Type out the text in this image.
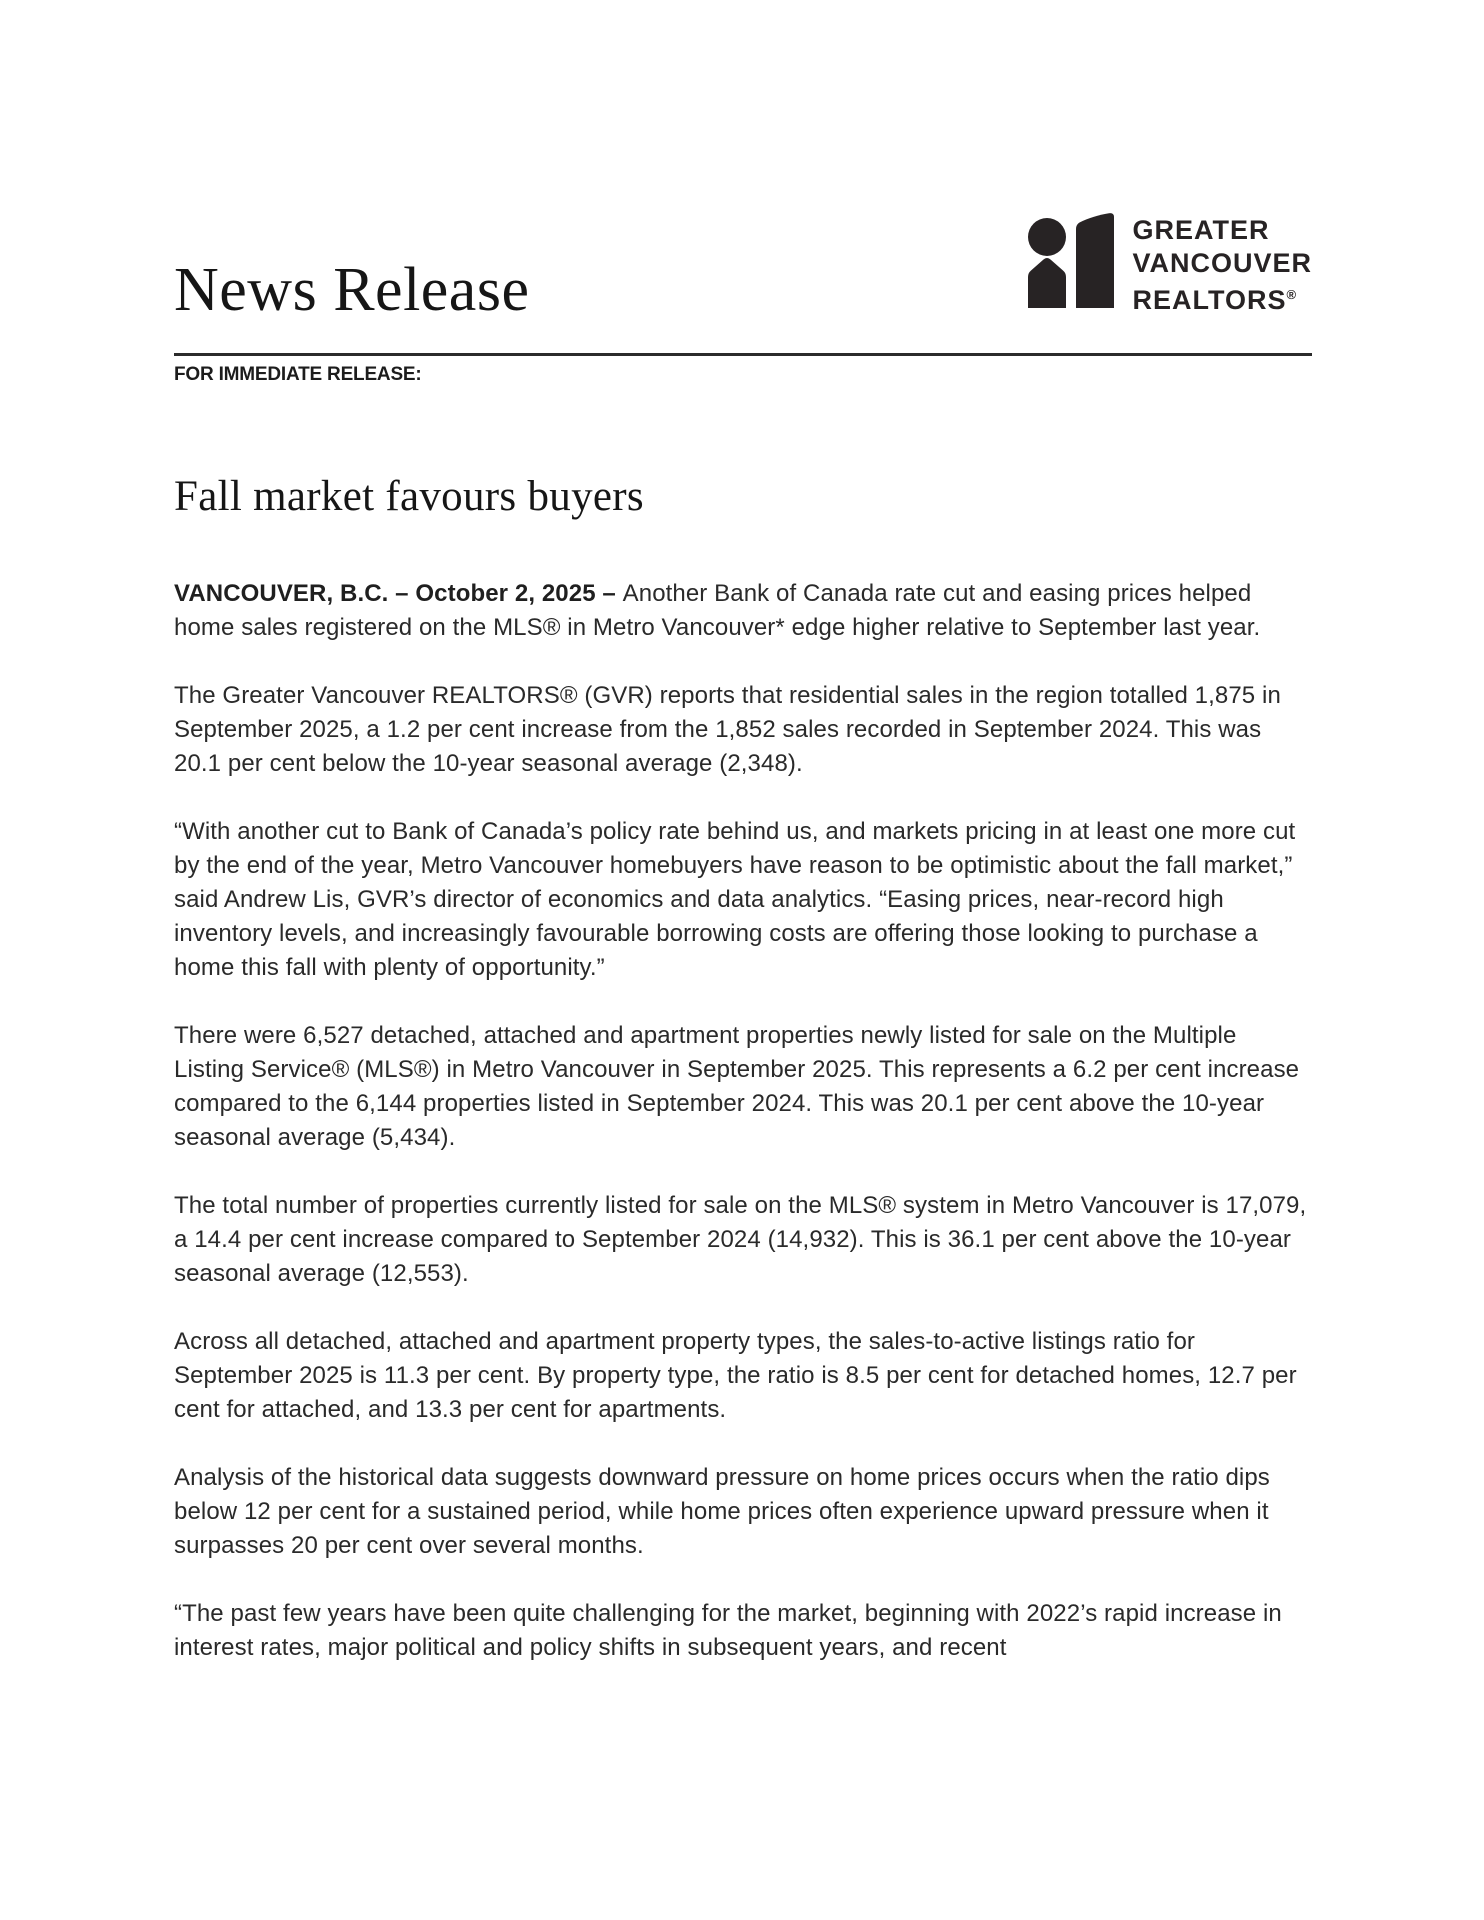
News Release
GREATER
VANCOUVER
REALTORS®
FOR IMMEDIATE RELEASE:
Fall market favours buyers

VANCOUVER, B.C. – October 2, 2025 – Another Bank of Canada rate cut and easing prices helped home sales registered on the MLS® in Metro Vancouver* edge higher relative to September last year.

The Greater Vancouver REALTORS® (GVR) reports that residential sales in the region totalled 1,875 in September 2025, a 1.2 per cent increase from the 1,852 sales recorded in September 2024. This was 20.1 per cent below the 10-year seasonal average (2,348).

“With another cut to Bank of Canada’s policy rate behind us, and markets pricing in at least one more cut by the end of the year, Metro Vancouver homebuyers have reason to be optimistic about the fall market,” said Andrew Lis, GVR’s director of economics and data analytics. “Easing prices, near-record high inventory levels, and increasingly favourable borrowing costs are offering those looking to purchase a home this fall with plenty of opportunity.”

There were 6,527 detached, attached and apartment properties newly listed for sale on the Multiple Listing Service® (MLS®) in Metro Vancouver in September 2025. This represents a 6.2 per cent increase compared to the 6,144 properties listed in September 2024. This was 20.1 per cent above the 10-year seasonal average (5,434).

The total number of properties currently listed for sale on the MLS® system in Metro Vancouver is 17,079, a 14.4 per cent increase compared to September 2024 (14,932). This is 36.1 per cent above the 10-year seasonal average (12,553).

Across all detached, attached and apartment property types, the sales-to-active listings ratio for September 2025 is 11.3 per cent. By property type, the ratio is 8.5 per cent for detached homes, 12.7 per cent for attached, and 13.3 per cent for apartments.

Analysis of the historical data suggests downward pressure on home prices occurs when the ratio dips below 12 per cent for a sustained period, while home prices often experience upward pressure when it surpasses 20 per cent over several months.

“The past few years have been quite challenging for the market, beginning with 2022’s rapid increase in interest rates, major political and policy shifts in subsequent years, and recent
